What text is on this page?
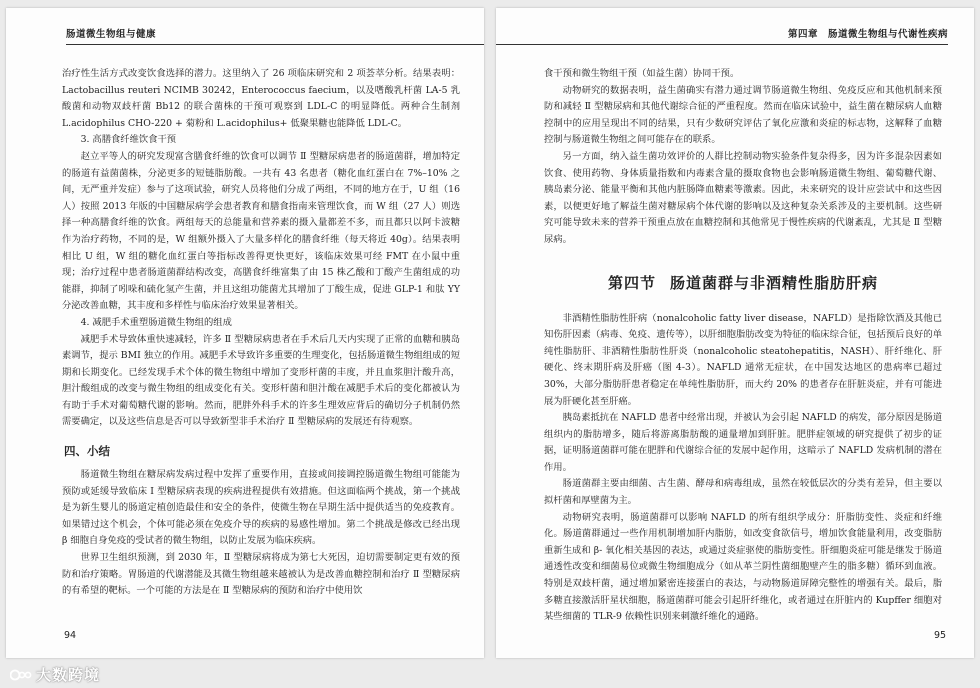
肠道微生物组与健康

治疗性生活方式改变饮食选择的潜力。这里纳入了 26 项临床研究和 2 项荟萃分析。结果表明：Lactobacillus reuteri NCIMB 30242，Enterococcus faecium，以及嗜酸乳杆菌 LA-5 乳酸菌和动物双歧杆菌 Bb12 的联合菌株的干预可观察到 LDL-C 的明显降低。两种合生制剂 L.acidophilus CHO-220 + 菊粉和 L.acidophilus+ 低聚果糖也能降低 LDL-C。

3. 高膳食纤维饮食干预

赵立平等人的研究发现富含膳食纤维的饮食可以调节 Ⅱ 型糖尿病患者的肠道菌群，增加特定的肠道有益菌菌株，分泌更多的短链脂肪酸。一共有 43 名患者（糖化血红蛋白在 7%–10% 之间，无严重并发症）参与了这项试验，研究人员将他们分成了两组，不同的地方在于，U 组（16 人）按照 2013 年版的中国糖尿病学会患者教育和膳食指南来管理饮食，而 W 组（27 人）则选择一种高膳食纤维的饮食。两组每天的总能量和营养素的摄入量都差不多，而且都只以阿卡波糖作为治疗药物，不同的是，W 组额外摄入了大量多样化的膳食纤维（每天将近 40g）。结果表明相比 U 组，W 组的糖化血红蛋白等指标改善得更快更好，该临床效果可经 FMT 在小鼠中重现；治疗过程中患者肠道菌群结构改变，高膳食纤维富集了由 15 株乙酸和丁酸产生菌组成的功能群，抑制了吲哚和硫化氢产生菌，并且这组功能菌尤其增加了丁酸生成，促进 GLP-1 和肽 YY 分泌改善血糖，其丰度和多样性与临床治疗效果显著相关。

4. 减肥手术重塑肠道微生物组的组成

减肥手术导致体重快速减轻，许多 Ⅱ 型糖尿病患者在手术后几天内实现了正常的血糖和胰岛素调节，提示 BMI 独立的作用。减肥手术导致许多重要的生理变化，包括肠道微生物组组成的短期和长期变化。已经发现手术个体的微生物组中增加了变形杆菌的丰度，并且血浆胆汁酸升高，胆汁酸组成的改变与微生物组的组成变化有关。变形杆菌和胆汁酸在减肥手术后的变化都被认为有助于手术对葡萄糖代谢的影响。然而，肥胖外科手术的许多生理效应背后的确切分子机制仍然需要确定，以及这些信息是否可以导致新型非手术治疗 Ⅱ 型糖尿病的发展还有待观察。

四、小结

肠道微生物组在糖尿病发病过程中发挥了重要作用，直接或间接调控肠道微生物组可能能为预防或延缓导致临床 Ⅰ 型糖尿病表现的疾病进程提供有效措施。但这面临两个挑战，第一个挑战是为新生婴儿的肠道定植创造最佳和安全的条件，使微生物在早期生活中提供适当的免疫教育。如果错过这个机会，个体可能必须在免疫介导的疾病的易感性增加。第二个挑战是修改已经出现 β 细胞自身免疫的受试者的微生物组，以防止发展为临床疾病。

世界卫生组织预测，到 2030 年，Ⅱ 型糖尿病将成为第七大死因，迫切需要制定更有效的预防和治疗策略。胃肠道的代谢潜能及其微生物组越来越被认为是改善血糖控制和治疗 Ⅱ 型糖尿病的有希望的靶标。一个可能的方法是在 Ⅱ 型糖尿病的预防和治疗中使用饮

94
第四章　肠道微生物组与代谢性疾病

食干预和微生物组干预（如益生菌）协同干预。

动物研究的数据表明，益生菌确实有潜力通过调节肠道微生物组、免疫反应和其他机制来预防和减轻 Ⅱ 型糖尿病和其他代谢综合征的严重程度。然而在临床试验中，益生菌在糖尿病人血糖控制中的应用呈现出不同的结果，只有少数研究评估了氧化应激和炎症的标志物，这解释了血糖控制与肠道微生物组之间可能存在的联系。

另一方面，纳入益生菌功效评价的人群比控制动物实验条件复杂得多，因为许多混杂因素如饮食、使用药物、身体质量指数和内毒素含量的摄取食物也会影响肠道微生物组、葡萄糖代谢、胰岛素分泌、能量平衡和其他内脏肠降血糖素等激素。因此，未来研究的设计应尝试中和这些因素，以便更好地了解益生菌对糖尿病个体代谢的影响以及这种复杂关系涉及的主要机制。这些研究可能导致未来的营养干预重点放在血糖控制和其他常见于慢性疾病的代谢紊乱，尤其是 Ⅱ 型糖尿病。

第四节 肠道菌群与非酒精性脂肪肝病

非酒精性脂肪性肝病（nonalcoholic fatty liver disease，NAFLD）是指除饮酒及其他已知伤肝因素（病毒、免疫、遗传等），以肝细胞脂肪改变为特征的临床综合征，包括预后良好的单纯性脂肪肝、非酒精性脂肪性肝炎（nonalcoholic steatohepatitis，NASH）、肝纤维化、肝硬化、终末期肝病及肝癌（图 4-3）。NAFLD 通常无症状，在中国发达地区的患病率已超过 30%，大部分脂肪肝患者稳定在单纯性脂肪肝，而大约 20% 的患者存在肝脏炎症，并有可能进展为肝硬化甚至肝癌。

胰岛素抵抗在 NAFLD 患者中经常出现，并被认为会引起 NAFLD 的病发，部分原因是肠道组织内的脂肪增多，随后将游离脂肪酸的通量增加到肝脏。肥胖症领域的研究提供了初步的证据，证明肠道菌群可能在肥胖和代谢综合征的发展中起作用，这暗示了 NAFLD 发病机制的潜在作用。

肠道菌群主要由细菌、古生菌、酵母和病毒组成，虽然在较低层次的分类有差异，但主要以拟杆菌和厚壁菌为主。

动物研究表明，肠道菌群可以影响 NAFLD 的所有组织学成分：肝脂肪变性、炎症和纤维化。肠道菌群通过一些作用机制增加肝内脂肪，如改变食欲信号，增加饮食能量利用，改变脂肪重新生成和 β- 氧化相关基因的表达，或通过炎症驱使的脂肪变性。肝细胞炎症可能是继发于肠道通透性改变和细菌易位或微生物细胞成分（如从革兰阴性菌细胞壁产生的脂多糖）循环到血液。特别是双歧杆菌，通过增加紧密连接蛋白的表达，与动物肠道屏障完整性的增强有关。最后，脂多糖直接激活肝星状细胞，肠道菌群可能会引起肝纤维化，或者通过在肝脏内的 Kupffer 细胞对某些细菌的 TLR-9 依赖性识别来刺激纤维化的通路。

95
大数跨境
